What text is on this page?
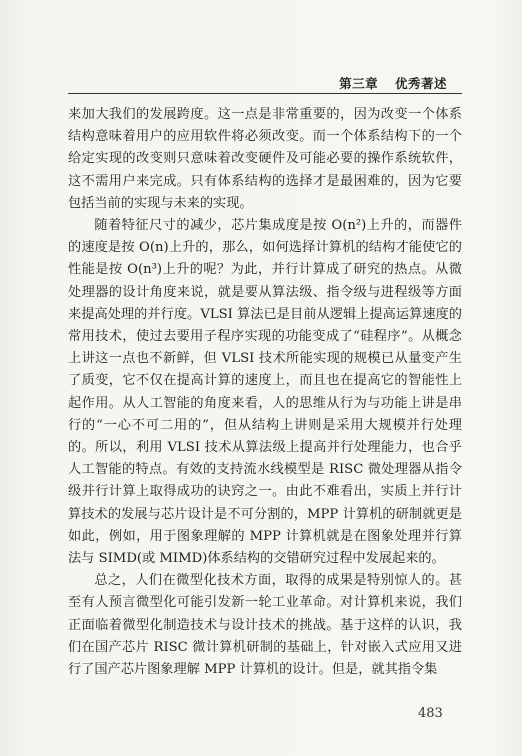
第三章 优秀著述

来加大我们的发展跨度。这一点是非常重要的，因为改变一个体系结构意味着用户的应用软件将必须改变。而一个体系结构下的一个给定实现的改变则只意味着改变硬件及可能必要的操作系统软件，这不需用户来完成。只有体系结构的选择才是最困难的，因为它要包括当前的实现与未来的实现。

随着特征尺寸的减少，芯片集成度是按 O(n²)上升的，而器件的速度是按 O(n)上升的，那么，如何选择计算机的结构才能使它的性能是按 O(n³)上升的呢？为此，并行计算成了研究的热点。从微处理器的设计角度来说，就是要从算法级、指令级与进程级等方面来提高处理的并行度。VLSI 算法已是目前从逻辑上提高运算速度的常用技术，使过去要用子程序实现的功能变成了“硅程序”。从概念上讲这一点也不新鲜，但 VLSI 技术所能实现的规模已从量变产生了质变，它不仅在提高计算的速度上，而且也在提高它的智能性上起作用。从人工智能的角度来看，人的思维从行为与功能上讲是串行的“一心不可二用的”，但从结构上讲则是采用大规模并行处理的。所以，利用 VLSI 技术从算法级上提高并行处理能力，也合乎人工智能的特点。有效的支持流水线模型是 RISC 微处理器从指令级并行计算上取得成功的诀窍之一。由此不难看出，实质上并行计算技术的发展与芯片设计是不可分割的，MPP 计算机的研制就更是如此，例如，用于图象理解的 MPP 计算机就是在图象处理并行算法与 SIMD(或 MIMD)体系结构的交错研究过程中发展起来的。

总之，人们在微型化技术方面，取得的成果是特别惊人的。甚至有人预言微型化可能引发新一轮工业革命。对计算机来说，我们正面临着微型化制造技术与设计技术的挑战。基于这样的认识，我们在国产芯片 RISC 微计算机研制的基础上，针对嵌入式应用又进行了国产芯片图象理解 MPP 计算机的设计。但是，就其指令集

483
